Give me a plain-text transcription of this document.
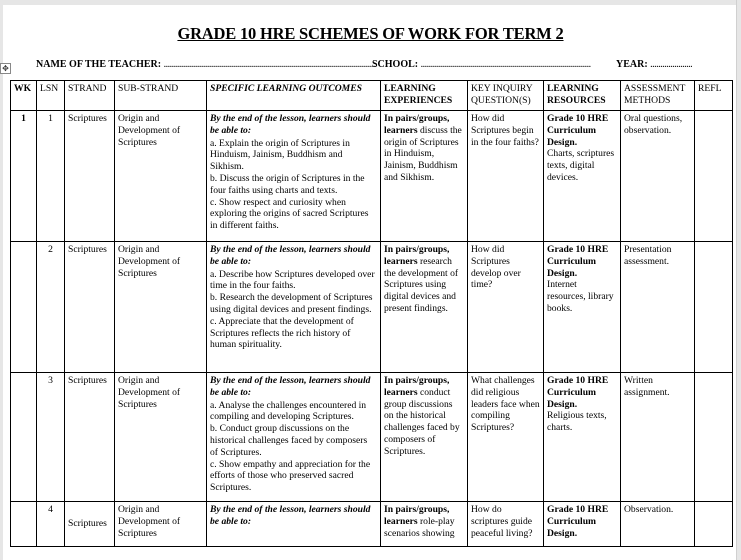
GRADE 10 HRE SCHEMES OF WORK FOR TERM 2
NAME OF THE TEACHER: ..........................................................................................................
SCHOOL: .....................................................................................	YEAR: .....................
✥
WK	LSN	STRAND	SUB-STRAND	SPECIFIC LEARNING OUTCOMES	LEARNING EXPERIENCES	KEY INQUIRY QUESTION(S)	LEARNING RESOURCES	ASSESSMENT METHODS	REFL
1	1	Scriptures	Origin and Development of Scriptures	By the end of the lesson, learners should be able to:
a. Explain the origin of Scriptures in Hinduism, Jainism, Buddhism and Sikhism.
b. Discuss the origin of Scriptures in the four faiths using charts and texts.
c. Show respect and curiosity when exploring the origins of sacred Scriptures in different faiths.	In pairs/groups, learners discuss the origin of Scriptures in Hinduism, Jainism, Buddhism and Sikhism.	How did Scriptures begin in the four faiths?	Grade 10 HRE Curriculum Design.
Charts, scriptures texts, digital devices.	Oral questions, observation.	
	2	Scriptures	Origin and Development of Scriptures	By the end of the lesson, learners should be able to:
a. Describe how Scriptures developed over time in the four faiths.
b. Research the development of Scriptures using digital devices and present findings.
c. Appreciate that the development of Scriptures reflects the rich history of human spirituality.	In pairs/groups, learners research the development of Scriptures using digital devices and present findings.	How did Scriptures develop over time?	Grade 10 HRE Curriculum Design.
Internet resources, library books.	Presentation assessment.	
	3	Scriptures	Origin and Development of Scriptures	By the end of the lesson, learners should be able to:
a. Analyse the challenges encountered in compiling and developing Scriptures.
b. Conduct group discussions on the historical challenges faced by composers of Scriptures.
c. Show empathy and appreciation for the efforts of those who preserved sacred Scriptures.	In pairs/groups, learners conduct group discussions on the historical challenges faced by composers of Scriptures.	What challenges did religious leaders face when compiling Scriptures?	Grade 10 HRE Curriculum Design.
Religious texts, charts.	Written assignment.	
	4	Scriptures	Origin and Development of Scriptures	By the end of the lesson, learners should be able to:	In pairs/groups, learners role-play scenarios showing	How do scriptures guide peaceful living?	Grade 10 HRE Curriculum Design.	Observation.	
